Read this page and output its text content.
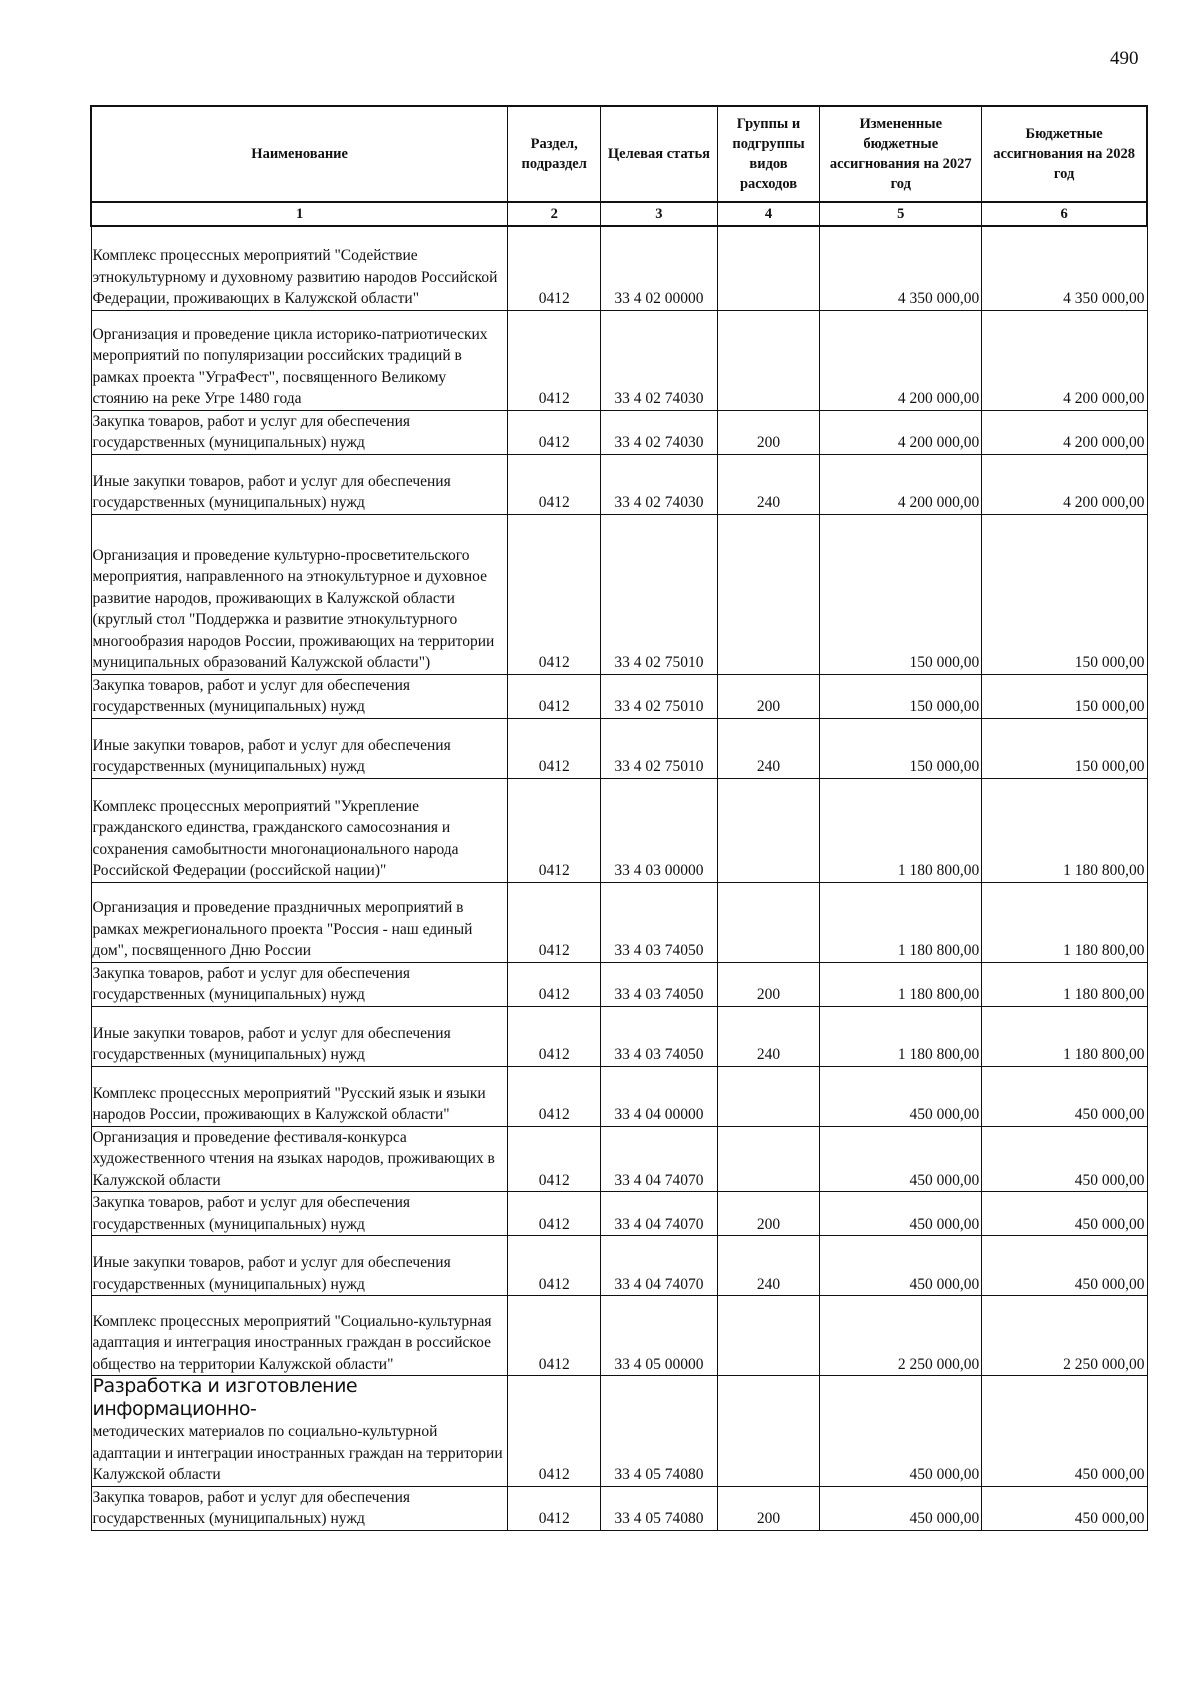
490
Наименование	Раздел, подраздел	Целевая статья	Группы и подгруппы видов расходов	Измененные бюджетные ассигнования на 2027 год	Бюджетные ассигнования на 2028 год
1	2	3	4	5	6
Комплекс процессных мероприятий "Содействие этнокультурному и духовному развитию народов Российской Федерации, проживающих в Калужской области"	0412	33 4 02 00000		4 350 000,00	4 350 000,00
Организация и проведение цикла историко-патриотических мероприятий по популяризации российских традиций в рамках проекта "УграФест", посвященного Великому стоянию на реке Угре 1480 года	0412	33 4 02 74030		4 200 000,00	4 200 000,00
Закупка товаров, работ и услуг для обеспечения государственных (муниципальных) нужд	0412	33 4 02 74030	200	4 200 000,00	4 200 000,00
Иные закупки товаров, работ и услуг для обеспечения государственных (муниципальных) нужд	0412	33 4 02 74030	240	4 200 000,00	4 200 000,00
Организация и проведение культурно-просветительского мероприятия, направленного на этнокультурное и духовное развитие народов, проживающих в Калужской области (круглый стол "Поддержка и развитие этнокультурного многообразия народов России, проживающих на территории муниципальных образований Калужской области")	0412	33 4 02 75010		150 000,00	150 000,00
Закупка товаров, работ и услуг для обеспечения государственных (муниципальных) нужд	0412	33 4 02 75010	200	150 000,00	150 000,00
Иные закупки товаров, работ и услуг для обеспечения государственных (муниципальных) нужд	0412	33 4 02 75010	240	150 000,00	150 000,00
Комплекс процессных мероприятий "Укрепление гражданского единства, гражданского самосознания и сохранения самобытности многонационального народа Российской Федерации (российской нации)"	0412	33 4 03 00000		1 180 800,00	1 180 800,00
Организация и проведение праздничных мероприятий в рамках межрегионального проекта "Россия - наш единый дом", посвященного Дню России	0412	33 4 03 74050		1 180 800,00	1 180 800,00
Закупка товаров, работ и услуг для обеспечения государственных (муниципальных) нужд	0412	33 4 03 74050	200	1 180 800,00	1 180 800,00
Иные закупки товаров, работ и услуг для обеспечения государственных (муниципальных) нужд	0412	33 4 03 74050	240	1 180 800,00	1 180 800,00
Комплекс процессных мероприятий "Русский язык и языки народов России, проживающих в Калужской области"	0412	33 4 04 00000		450 000,00	450 000,00
Организация и проведение фестиваля-конкурса художественного чтения на языках народов, проживающих в Калужской области	0412	33 4 04 74070		450 000,00	450 000,00
Закупка товаров, работ и услуг для обеспечения государственных (муниципальных) нужд	0412	33 4 04 74070	200	450 000,00	450 000,00
Иные закупки товаров, работ и услуг для обеспечения государственных (муниципальных) нужд	0412	33 4 04 74070	240	450 000,00	450 000,00
Комплекс процессных мероприятий "Социально-культурная адаптация и интеграция иностранных граждан в российское общество на территории Калужской области"	0412	33 4 05 00000		2 250 000,00	2 250 000,00
Разработка и изготовление информационно-
методических материалов по социально-культурной адаптации и интеграции иностранных граждан на территории Калужской области	0412	33 4 05 74080		450 000,00	450 000,00
Закупка товаров, работ и услуг для обеспечения государственных (муниципальных) нужд	0412	33 4 05 74080	200	450 000,00	450 000,00
